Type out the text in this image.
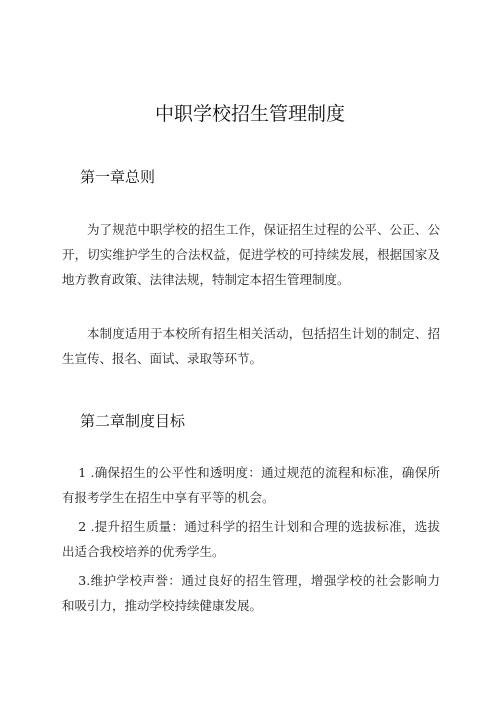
中职学校招生管理制度
第一章总则

为了规范中职学校的招生工作，保证招生过程的公平、公正、公开，切实维护学生的合法权益，促进学校的可持续发展，根据国家及地方教育政策、法律法规，特制定本招生管理制度。

本制度适用于本校所有招生相关活动，包括招生计划的制定、招生宣传、报名、面试、录取等环节。

第二章制度目标

1 .确保招生的公平性和透明度：通过规范的流程和标准，确保所有报考学生在招生中享有平等的机会。

2 .提升招生质量：通过科学的招生计划和合理的选拔标准，选拔出适合我校培养的优秀学生。

3.维护学校声誉：通过良好的招生管理，增强学校的社会影响力和吸引力，推动学校持续健康发展。
